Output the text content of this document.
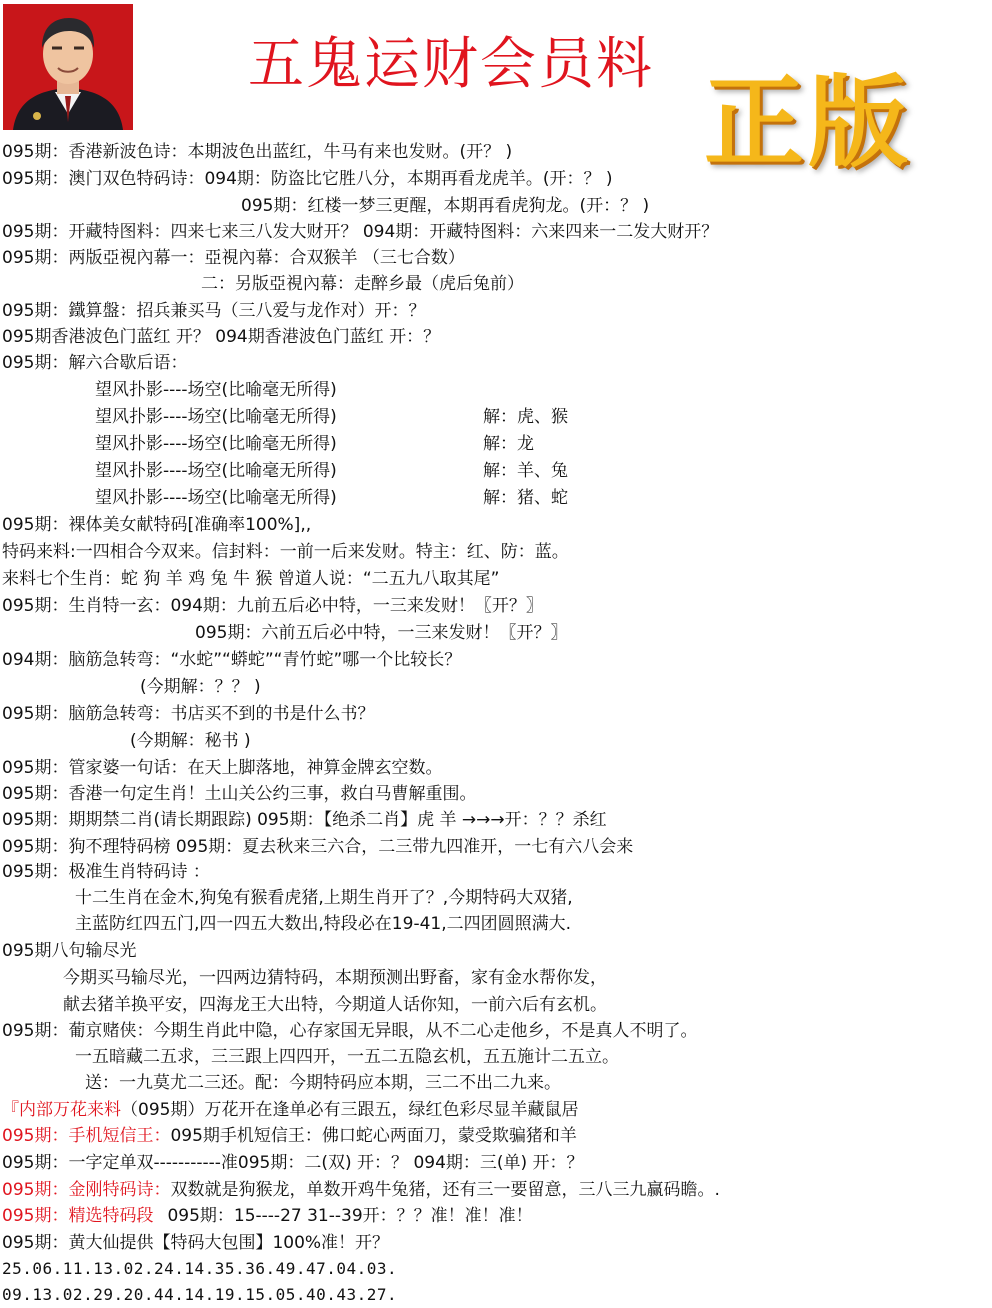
五鬼运财会员料 正版
095期：香港新波色诗：本期波色出蓝红，牛马有来也发财。(开？ )
095期：澳门双色特码诗：094期：防盗比它胜八分，本期再看龙虎羊。(开：？ )
095期：红楼一梦三更醒，本期再看虎狗龙。(开：？ )
095期：开藏特图料：四来七来三八发大财开？ 094期：开藏特图料：六来四来一二发大财开？
095期：两版亞視內幕一：亞視內幕：合双猴羊 （三七合数）
二：另版亞視內幕：走醉乡最（虎后兔前）
095期：鐵算盤：招兵兼买马（三八爱与龙作对）开：？
095期香港波色门蓝红 开？ 094期香港波色门蓝红 开：？
095期：解六合歇后语：
望风扑影----场空(比喻毫无所得)
望风扑影----场空(比喻毫无所得)	解：虎、猴
望风扑影----场空(比喻毫无所得)	解：龙
望风扑影----场空(比喻毫无所得)	解：羊、兔
望风扑影----场空(比喻毫无所得)	解：猪、蛇
095期：裸体美女献特码[准确率100%],,
特码来料:一四相合今双来。信封料：一前一后来发财。特主：红、防：蓝。
来料七个生肖：蛇 狗 羊 鸡 兔 牛 猴 曾道人说：“二五九八取其尾”
095期：生肖特一玄：094期：九前五后必中特，一三来发财！〖开？〗
095期：六前五后必中特，一三来发财！〖开？〗
094期：脑筋急转弯：“水蛇”“蟒蛇”“青竹蛇”哪一个比较长？
(今期解：？？ )
095期：脑筋急转弯：书店买不到的书是什么书？
(今期解：秘书 )
095期：管家婆一句话：在天上脚落地，神算金牌玄空数。
095期：香港一句定生肖！土山关公约三事，救白马曹解重围。
095期：期期禁二肖(请长期跟踪) 095期：【绝杀二肖】虎 羊 →→→开：？？杀红
095期：狗不理特码榜 095期：夏去秋来三六合，二三带九四准开，一七有六八会来
095期：极准生肖特码诗 ：
十二生肖在金木,狗兔有猴看虎猪,上期生肖开了？,今期特码大双猪,
主蓝防红四五门,四一四五大数出,特段必在19-41,二四团圆照满大.
095期八句输尽光
今期买马输尽光，一四两边猜特码，本期预测出野畜，家有金水帮你发，
献去猪羊换平安，四海龙王大出特，今期道人话你知，一前六后有玄机。
095期：葡京赌侠：今期生肖此中隐，心存家国无异眼，从不二心走他乡，不是真人不明了。
一五暗藏二五求，三三跟上四四开，一五二五隐玄机，五五施计二五立。
送：一九莫尤二三还。配：今期特码应本期，三二不出二九来。
『内部万花来料（095期）万花开在逢单必有三跟五，绿红色彩尽显羊藏鼠居
095期：手机短信王：095期手机短信王：佛口蛇心两面刀，蒙受欺骗猪和羊
095期：一字定单双-----------准095期：二(双) 开：？ 094期：三(单) 开：？
095期：金刚特码诗：双数就是狗猴龙，单数开鸡牛兔猪，还有三一要留意，三八三九赢码瞻。.
095期：精选特码段 095期：15----27 31--39开：？？准！准！准！
095期：黄大仙提供【特码大包围】100%准！开？
25.06.11.13.02.24.14.35.36.49.47.04.03.
09.13.02.29.20.44.14.19.15.05.40.43.27.
